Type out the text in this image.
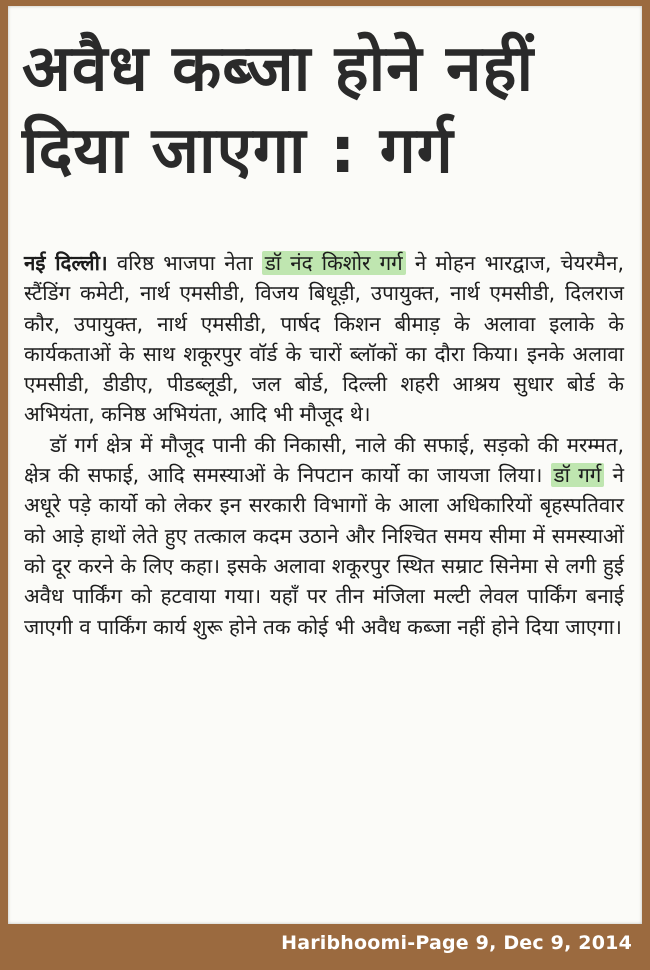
अवैध कब्जा होने नहीं
दिया जाएगा : गर्ग

नई दिल्ली। वरिष्ठ भाजपा नेता डॉ नंद किशोर गर्ग ने मोहन भारद्वाज, चेयरमैन, स्टैंडिंग कमेटी, नार्थ एमसीडी, विजय बिधूड़ी, उपायुक्त, नार्थ एमसीडी, दिलराज कौर, उपायुक्त, नार्थ एमसीडी, पार्षद किशन बीमाड़ के अलावा इलाके के कार्यकताओं के साथ शकूरपुर वॉर्ड के चारों ब्लॉकों का दौरा किया। इनके अलावा एमसीडी, डीडीए, पीडब्लूडी, जल बोर्ड, दिल्ली शहरी आश्रय सुधार बोर्ड के अभियंता, कनिष्ठ अभियंता, आदि भी मौजूद थे।

डॉ गर्ग क्षेत्र में मौजूद पानी की निकासी, नाले की सफाई, सड़को की मरम्मत, क्षेत्र की सफाई, आदि समस्याओं के निपटान कार्यो का जायजा लिया। डॉ गर्ग ने अधूरे पड़े कार्यो को लेकर इन सरकारी विभागों के आला अधिकारियों बृहस्पतिवार को आड़े हाथों लेते हुए तत्काल कदम उठाने और निश्चित समय सीमा में समस्याओं को दूर करने के लिए कहा। इसके अलावा शकूरपुर स्थित सम्राट सिनेमा से लगी हुई अवैध पार्किंग को हटवाया गया। यहाँ पर तीन मंजिला मल्टी लेवल पार्किंग बनाई जाएगी व पार्किंग कार्य शुरू होने तक कोई भी अवैध कब्जा नहीं होने दिया जाएगा।

Haribhoomi-Page 9, Dec 9, 2014
